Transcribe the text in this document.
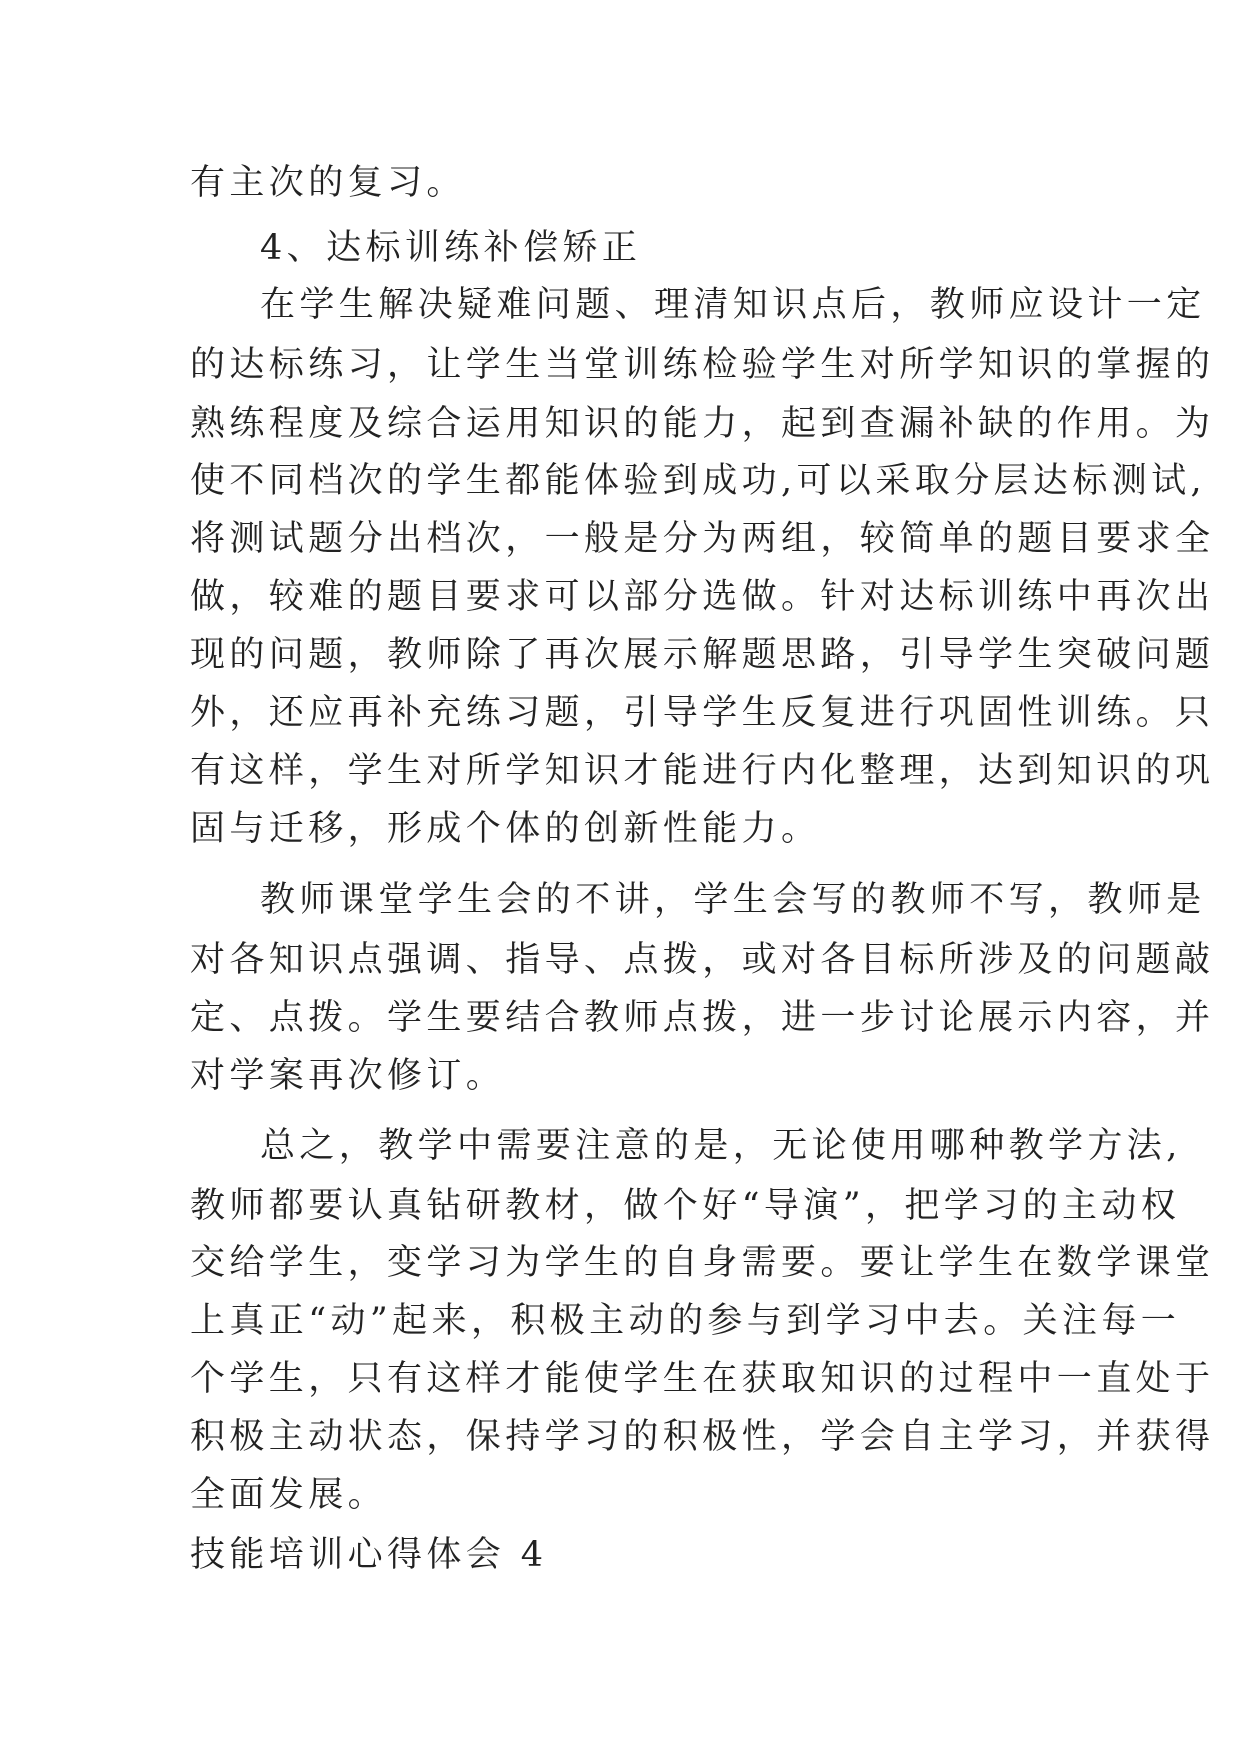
有主次的复习。

4、达标训练补偿矫正

在学生解决疑难问题、理清知识点后，教师应设计一定

的达标练习，让学生当堂训练检验学生对所学知识的掌握的

熟练程度及综合运用知识的能力，起到查漏补缺的作用。为

使不同档次的学生都能体验到成功,可以采取分层达标测试,

将测试题分出档次，一般是分为两组，较简单的题目要求全

做，较难的题目要求可以部分选做。针对达标训练中再次出

现的问题，教师除了再次展示解题思路，引导学生突破问题

外，还应再补充练习题，引导学生反复进行巩固性训练。只

有这样，学生对所学知识才能进行内化整理，达到知识的巩

固与迁移，形成个体的创新性能力。

教师课堂学生会的不讲，学生会写的教师不写，教师是

对各知识点强调、指导、点拨，或对各目标所涉及的问题敲

定、点拨。学生要结合教师点拨，进一步讨论展示内容，并

对学案再次修订。

总之，教学中需要注意的是，无论使用哪种教学方法,

教师都要认真钻研教材，做个好“导演”，把学习的主动权

交给学生，变学习为学生的自身需要。要让学生在数学课堂

上真正“动”起来，积极主动的参与到学习中去。关注每一

个学生，只有这样才能使学生在获取知识的过程中一直处于

积极主动状态，保持学习的积极性，学会自主学习，并获得

全面发展。

技能培训心得体会 4
